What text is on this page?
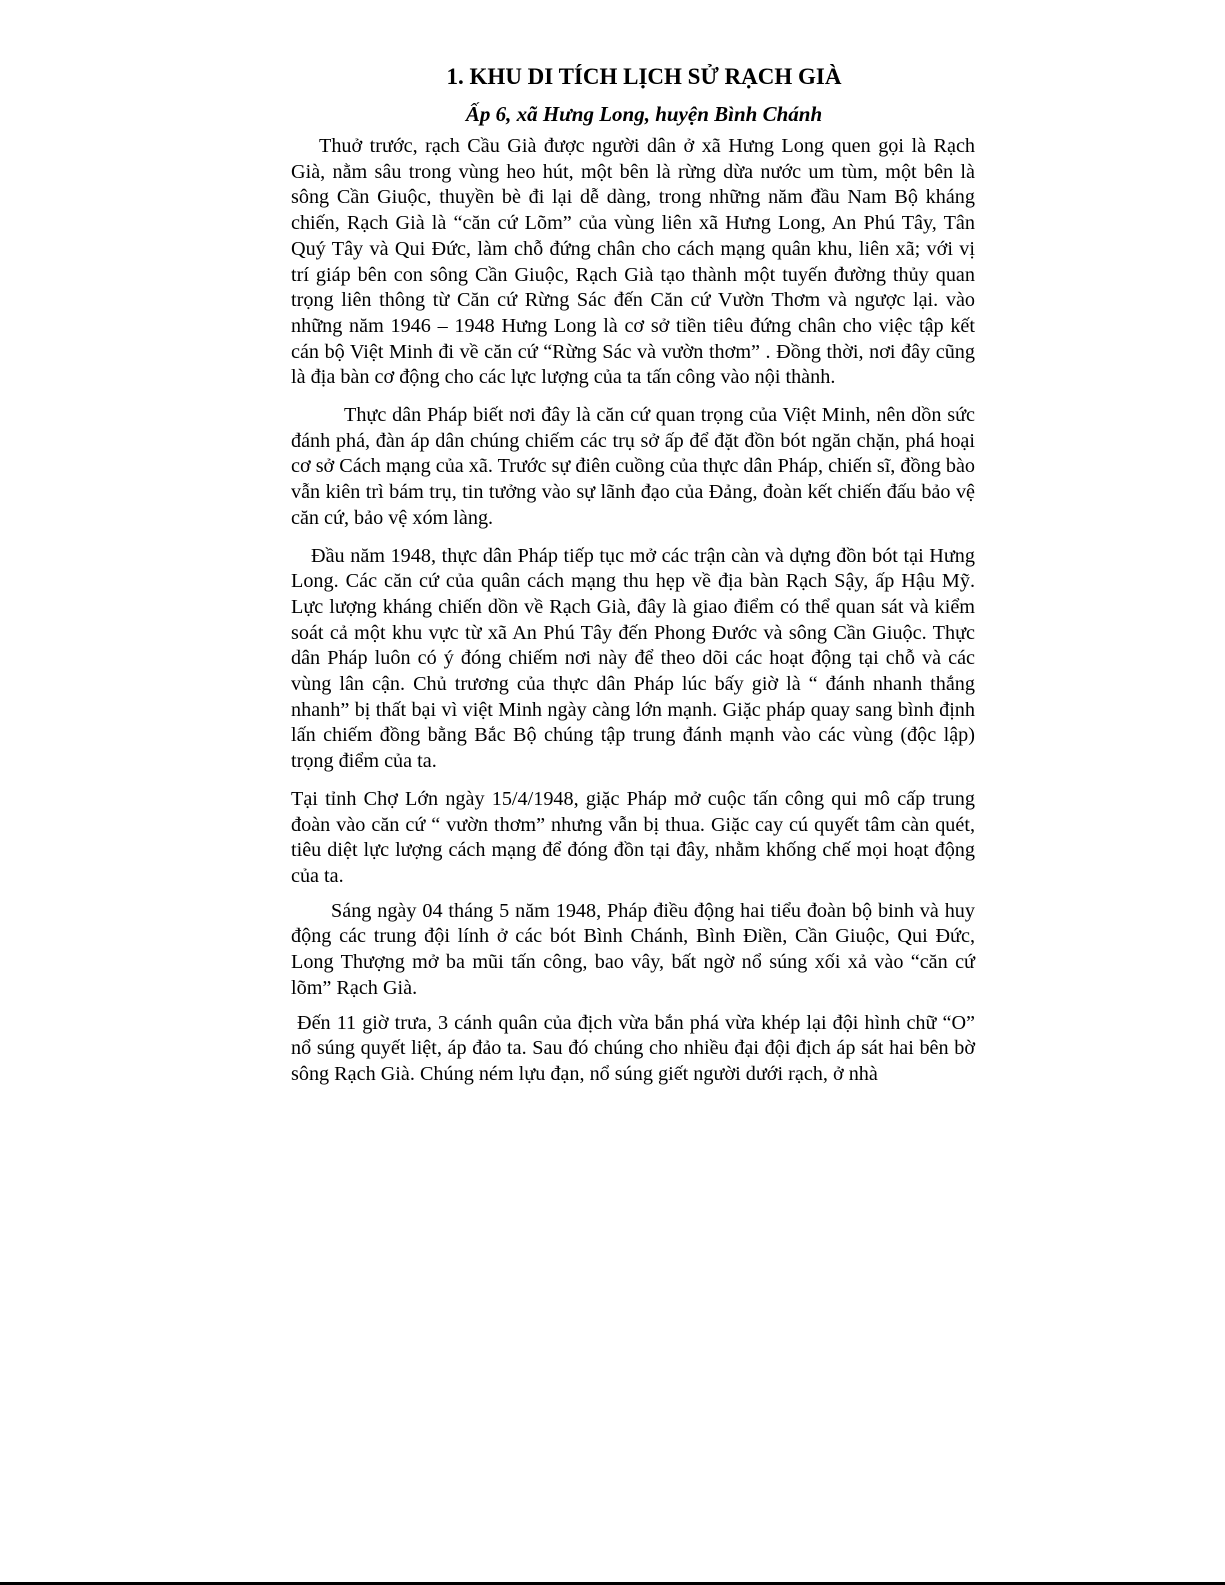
1. KHU DI TÍCH LỊCH SỬ RẠCH GIÀ
Ấp 6, xã Hưng Long, huyện Bình Chánh

Thuở trước, rạch Cầu Già được người dân ở xã Hưng Long quen gọi là Rạch Già, nằm sâu trong vùng heo hút, một bên là rừng dừa nước um tùm, một bên là sông Cần Giuộc, thuyền bè đi lại dễ dàng, trong những năm đầu Nam Bộ kháng chiến, Rạch Già là “căn cứ Lõm” của vùng liên xã Hưng Long, An Phú Tây, Tân Quý Tây và Qui Đức, làm chỗ đứng chân cho cách mạng quân khu, liên xã; với vị trí giáp bên con sông Cần Giuộc, Rạch Già tạo thành một tuyến đường thủy quan trọng liên thông từ Căn cứ Rừng Sác đến Căn cứ Vườn Thơm và ngược lại. vào những năm 1946 – 1948 Hưng Long là cơ sở tiền tiêu đứng chân cho việc tập kết cán bộ Việt Minh đi về căn cứ “Rừng Sác và vườn thơm” . Đồng thời, nơi đây cũng là địa bàn cơ động cho các lực lượng của ta tấn công vào nội thành.

Thực dân Pháp biết nơi đây là căn cứ quan trọng của Việt Minh, nên dồn sức đánh phá, đàn áp dân chúng chiếm các trụ sở ấp để đặt đồn bót ngăn chặn, phá hoại cơ sở Cách mạng của xã. Trước sự điên cuồng của thực dân Pháp, chiến sĩ, đồng bào vẫn kiên trì bám trụ, tin tưởng vào sự lãnh đạo của Đảng, đoàn kết chiến đấu bảo vệ căn cứ, bảo vệ xóm làng.

Đầu năm 1948, thực dân Pháp tiếp tục mở các trận càn và dựng đồn bót tại Hưng Long. Các căn cứ của quân cách mạng thu hẹp về địa bàn Rạch Sậy, ấp Hậu Mỹ. Lực lượng kháng chiến dồn về Rạch Già, đây là giao điểm có thể quan sát và kiểm soát cả một khu vực từ xã An Phú Tây đến Phong Đước và sông Cần Giuộc. Thực dân Pháp luôn có ý đóng chiếm nơi này để theo dõi các hoạt động tại chỗ và các vùng lân cận. Chủ trương của thực dân Pháp lúc bấy giờ là “ đánh nhanh thắng nhanh” bị thất bại vì việt Minh ngày càng lớn mạnh. Giặc pháp quay sang bình định lấn chiếm đồng bằng Bắc Bộ chúng tập trung đánh mạnh vào các vùng (độc lập) trọng điểm của ta.

Tại tỉnh Chợ Lớn ngày 15/4/1948, giặc Pháp mở cuộc tấn công qui mô cấp trung đoàn vào căn cứ “ vườn thơm” nhưng vẫn bị thua. Giặc cay cú quyết tâm càn quét, tiêu diệt lực lượng cách mạng để đóng đồn tại đây, nhằm khống chế mọi hoạt động của ta.

Sáng ngày 04 tháng 5 năm 1948, Pháp điều động hai tiểu đoàn bộ binh và huy động các trung đội lính ở các bót Bình Chánh, Bình Điền, Cần Giuộc, Qui Đức, Long Thượng mở ba mũi tấn công, bao vây, bất ngờ nổ súng xối xả vào “căn cứ lõm” Rạch Già.

Đến 11 giờ trưa, 3 cánh quân của địch vừa bắn phá vừa khép lại đội hình chữ “O” nổ súng quyết liệt, áp đảo ta. Sau đó chúng cho nhiều đại đội địch áp sát hai bên bờ sông Rạch Già. Chúng ném lựu đạn, nổ súng giết người dưới rạch, ở nhà
